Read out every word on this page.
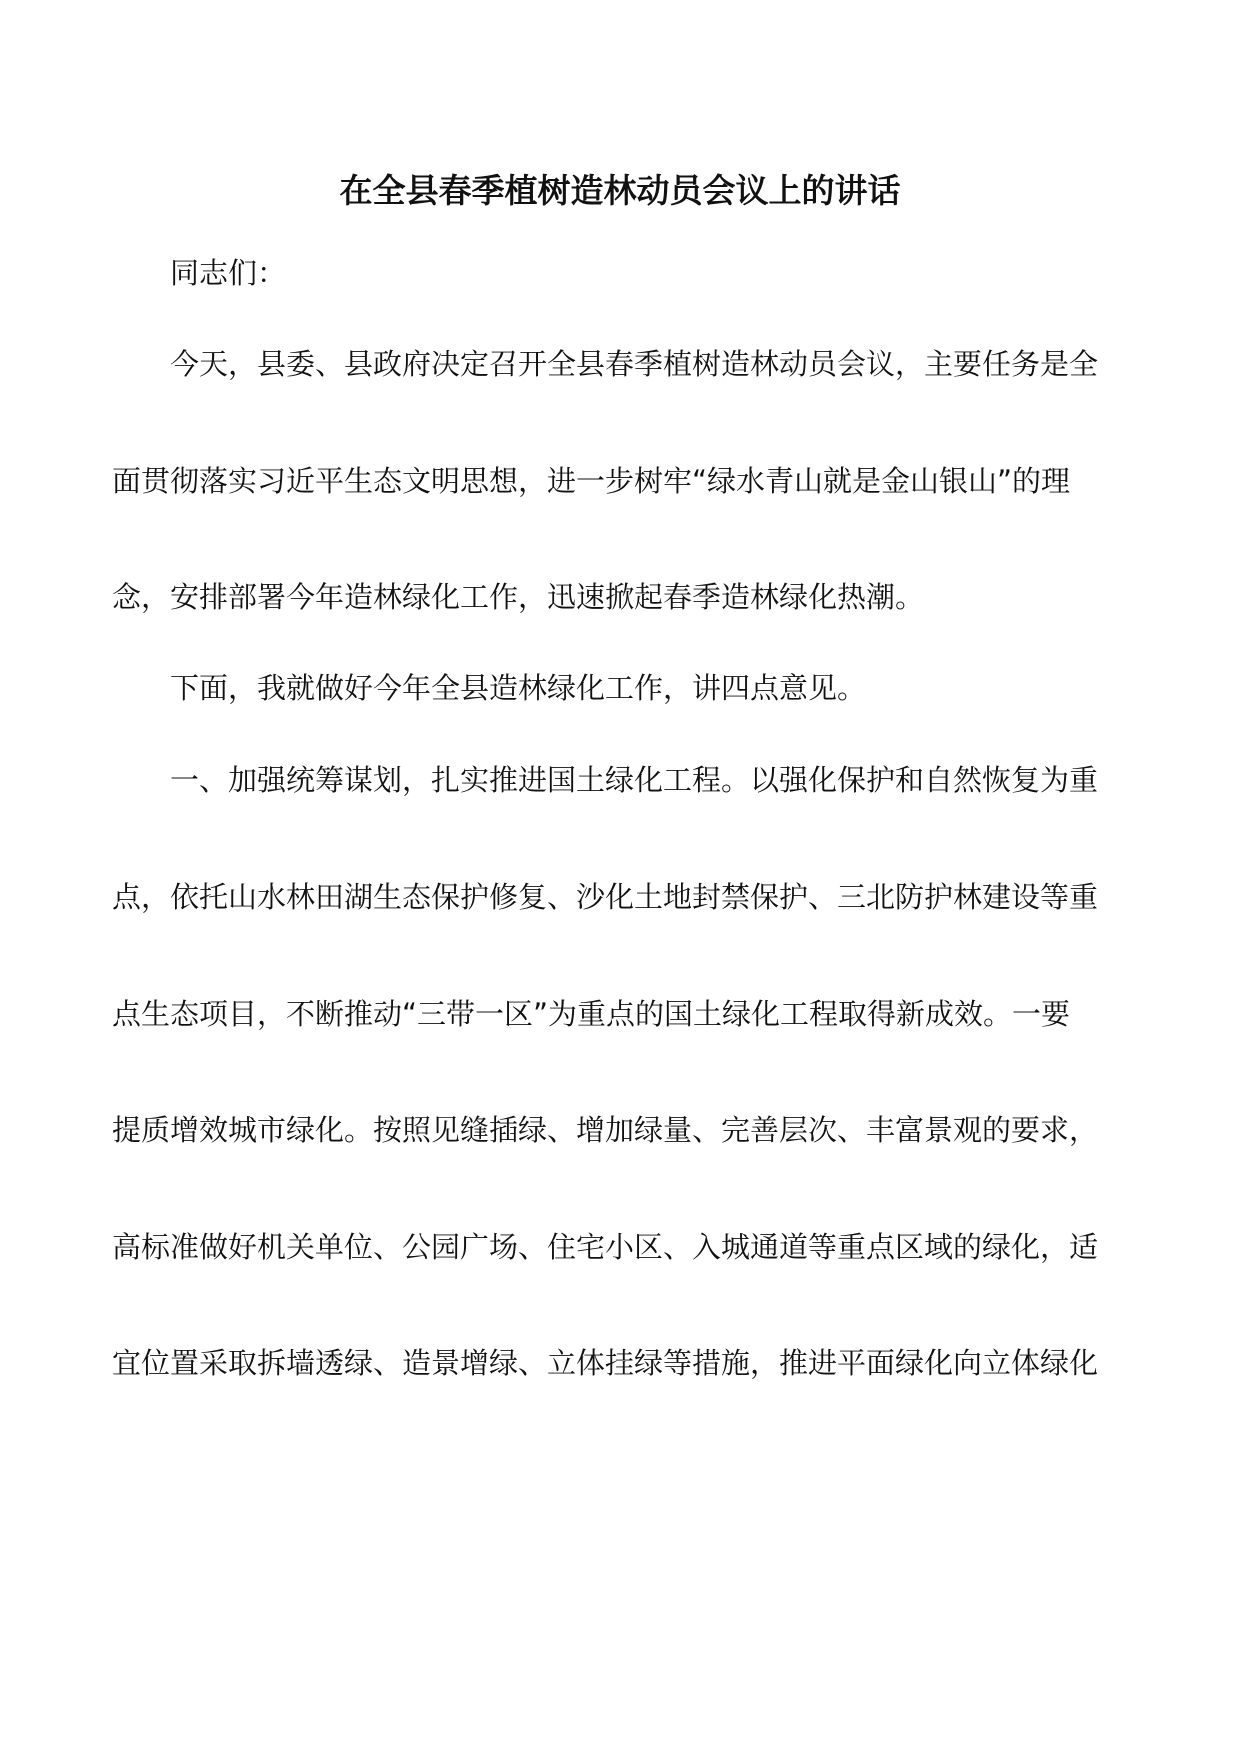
在全县春季植树造林动员会议上的讲话
同志们：
今天，县委、县政府决定召开全县春季植树造林动员会议，主要任务是全
面贯彻落实习近平生态文明思想，进一步树牢“绿水青山就是金山银山”的理
念，安排部署今年造林绿化工作，迅速掀起春季造林绿化热潮。
下面，我就做好今年全县造林绿化工作，讲四点意见。
一、加强统筹谋划，扎实推进国土绿化工程。以强化保护和自然恢复为重
点，依托山水林田湖生态保护修复、沙化土地封禁保护、三北防护林建设等重
点生态项目，不断推动“三带一区”为重点的国土绿化工程取得新成效。一要
提质增效城市绿化。按照见缝插绿、增加绿量、完善层次、丰富景观的要求，
高标准做好机关单位、公园广场、住宅小区、入城通道等重点区域的绿化，适
宜位置采取拆墙透绿、造景增绿、立体挂绿等措施，推进平面绿化向立体绿化
